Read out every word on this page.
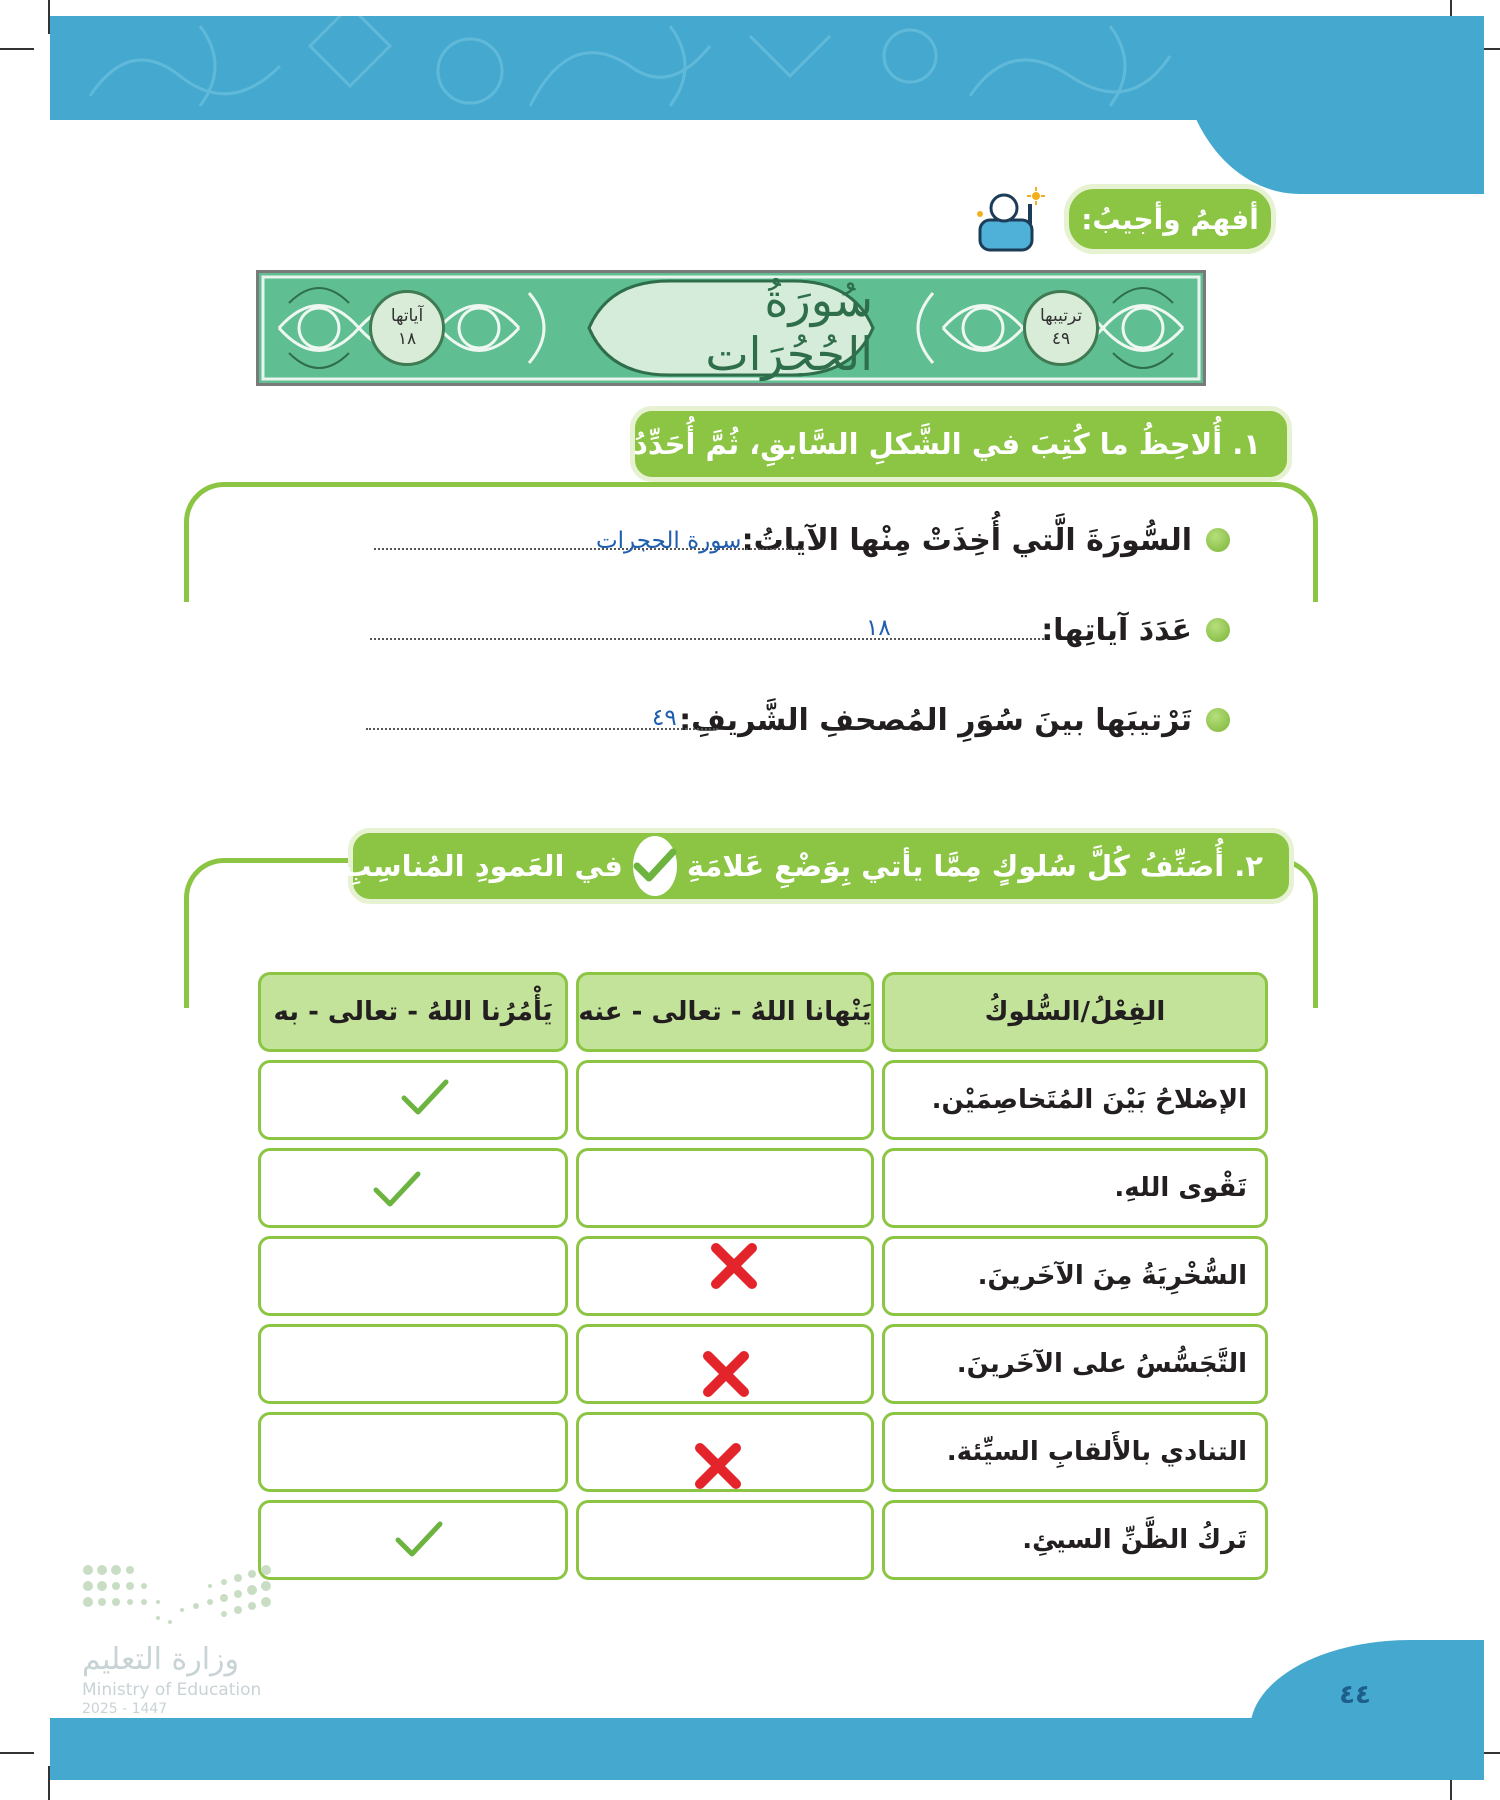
أفهمُ وأجيبُ:
سُورَةُ الحُجُرَات
آياتها
١٨
ترتيبها
٤٩
١. أُلاحِظُ ما كُتِبَ في الشَّكلِ السَّابقِ، ثُمَّ أُحَدِّدُ:
السُّورَةَ الَّتي أُخِذَتْ مِنْها الآياتُ:
سورة الحجرات
عَدَدَ آياتِها:
١٨
تَرْتيبَها بينَ سُوَرِ المُصحفِ الشَّريفِ:
٤٩
٢. أُصَنِّفُ كُلَّ سُلوكٍ مِمَّا يأتي بِوَضْعِ عَلامَةِ
في العَمودِ المُناسِبِ.
الفِعْلُ/السُّلوكُ
يَنْهانا اللهُ - تعالى - عنه
يَأْمُرُنا اللهُ - تعالى - به
الإصْلاحُ بَيْنَ المُتَخاصِمَيْن.
تَقْوى اللهِ.
السُّخْرِيَةُ مِنَ الآخَرينَ.
التَّجَسُّسُ على الآخَرينَ.
التنادي بالأَلقابِ السيِّئة.
تَركُ الظَّنِّ السيئِ.
٤٤
وزارة التعليم
Ministry of Education
2025 - 1447
